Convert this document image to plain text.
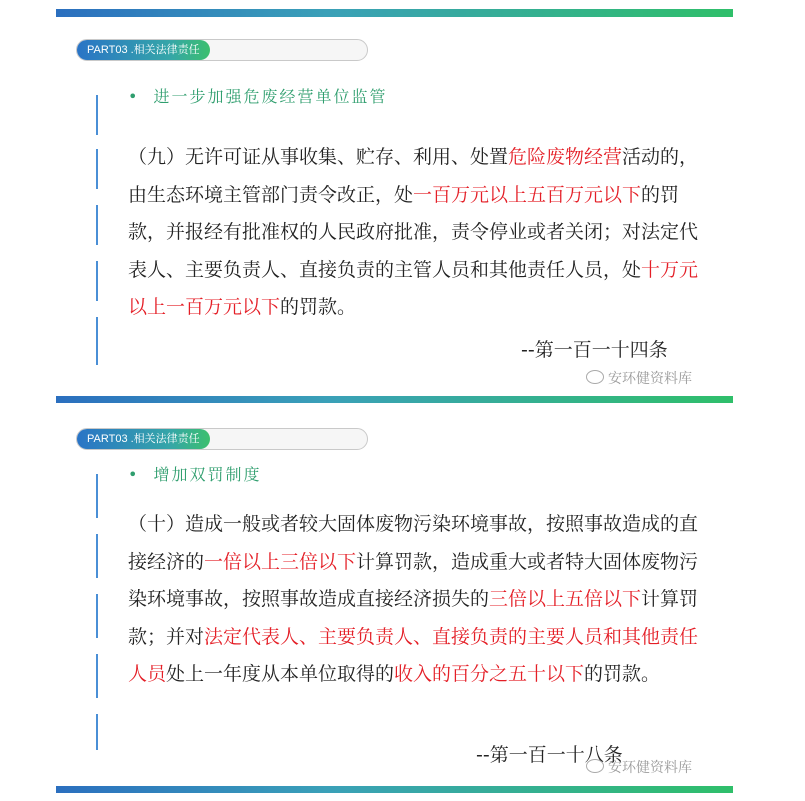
PART03 .相关法律责任
• 进一步加强危废经营单位监管
（九）无许可证从事收集、贮存、利用、处置危险废物经营活动的，由生态环境主管部门责令改正，处一百万元以上五百万元以下的罚款，并报经有批准权的人民政府批准，责令停业或者关闭；对法定代表人、主要负责人、直接负责的主管人员和其他责任人员，处十万元以上一百万元以下的罚款。
--第一百一十四条
安环健资料库
PART03 .相关法律责任
• 增加双罚制度
（十）造成一般或者较大固体废物污染环境事故，按照事故造成的直接经济的一倍以上三倍以下计算罚款，造成重大或者特大固体废物污染环境事故，按照事故造成直接经济损失的三倍以上五倍以下计算罚款；并对法定代表人、主要负责人、直接负责的主要人员和其他责任人员处上一年度从本单位取得的收入的百分之五十以下的罚款。
--第一百一十八条
安环健资料库
